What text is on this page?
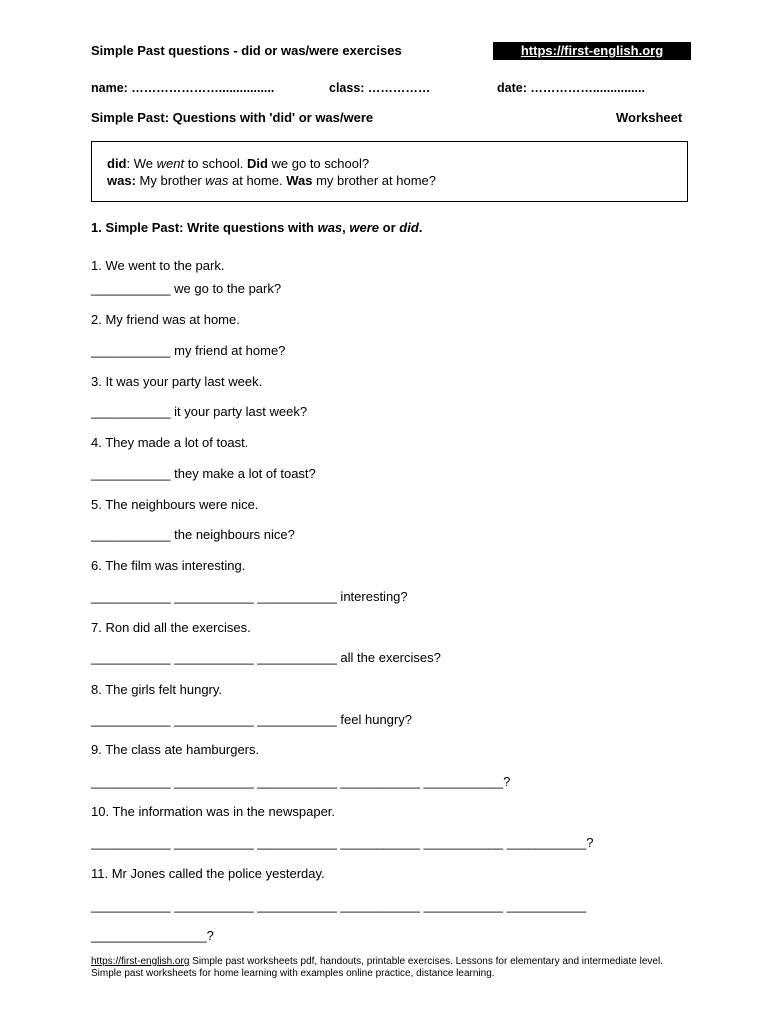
Simple Past questions - did or was/were exercises	https://first-english.org
name: …………………................	class: ……………	date: ……………...............
Simple Past: Questions with 'did' or was/were	Worksheet
did: We went to school. Did we go to school?
was: My brother was at home. Was my brother at home?
1. Simple Past: Write questions with was, were or did.
1. We went to the park.
___________ we go to the park?
2. My friend was at home.
___________ my friend at home?
3. It was your party last week.
___________ it your party last week?
4. They made a lot of toast.
___________ they make a lot of toast?
5. The neighbours were nice.
___________ the neighbours nice?
6. The film was interesting.
___________ ___________ ___________ interesting?
7. Ron did all the exercises.
___________ ___________ ___________ all the exercises?
8. The girls felt hungry.
___________ ___________ ___________ feel hungry?
9. The class ate hamburgers.
___________ ___________ ___________ ___________ ___________?
10. The information was in the newspaper.
___________ ___________ ___________ ___________ ___________ ___________?
11. Mr Jones called the police yesterday.
___________ ___________ ___________ ___________ ___________ ___________
________________?
https://first-english.org Simple past worksheets pdf, handouts, printable exercises. Lessons for elementary and intermediate level. Simple past worksheets for home learning with examples online practice, distance learning.
